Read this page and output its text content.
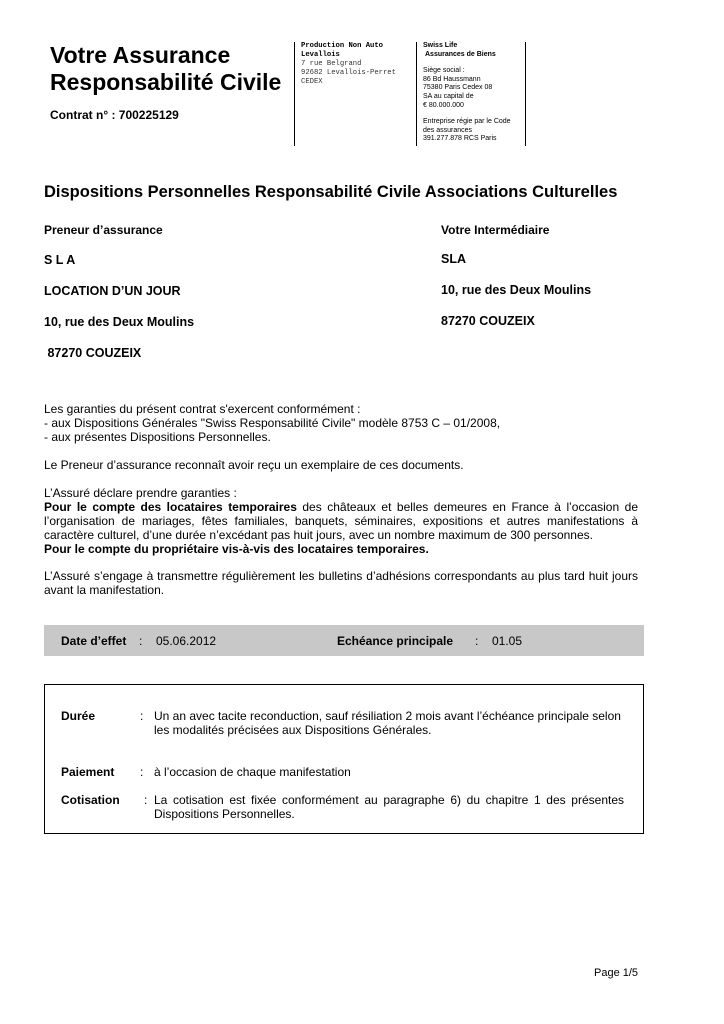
Votre Assurance
Responsabilité Civile
Contrat n° : 700225129
Production Non Auto
Levallois
7 rue Belgrand
92682 Levallois-Perret
CEDEX
Swiss Life
Assurances de Biens
Siège social :
86 Bd Haussmann
75380 Paris Cedex 08
SA au capital de
€ 80.000.000
Entreprise régie par le Code
des assurances
391.277.878 RCS Paris
Dispositions Personnelles Responsabilité Civile Associations Culturelles
Preneur d’assurance
S L A
LOCATION D’UN JOUR
10, rue des Deux Moulins
87270 COUZEIX
Votre Intermédiaire
SLA
10, rue des Deux Moulins
87270 COUZEIX
Les garanties du présent contrat s'exercent conformément :
- aux Dispositions Générales "Swiss Responsabilité Civile" modèle 8753 C – 01/2008,
- aux présentes Dispositions Personnelles.
Le Preneur d’assurance reconnaît avoir reçu un exemplaire de ces documents.
L’Assuré déclare prendre garanties :
Pour le compte des locataires temporaires des châteaux et belles demeures en France à l’occasion de l’organisation de mariages, fêtes familiales, banquets, séminaires, expositions et autres manifestations à caractère culturel, d’une durée n’excédant pas huit jours, avec un nombre maximum de 300 personnes.
Pour le compte du propriétaire vis-à-vis des locataires temporaires.
L’Assuré s’engage à transmettre régulièrement les bulletins d’adhésions correspondants au plus tard huit jours avant la manifestation.
Date d’effet : 05.06.2012	Echéance principale : 01.05
Durée	: Un an avec tacite reconduction, sauf résiliation 2 mois avant l’échéance principale selon les modalités précisées aux Dispositions Générales.
Paiement : à l’occasion de chaque manifestation
Cotisation : La cotisation est fixée conformément au paragraphe 6) du chapitre 1 des présentes Dispositions Personnelles.
Page 1/5
